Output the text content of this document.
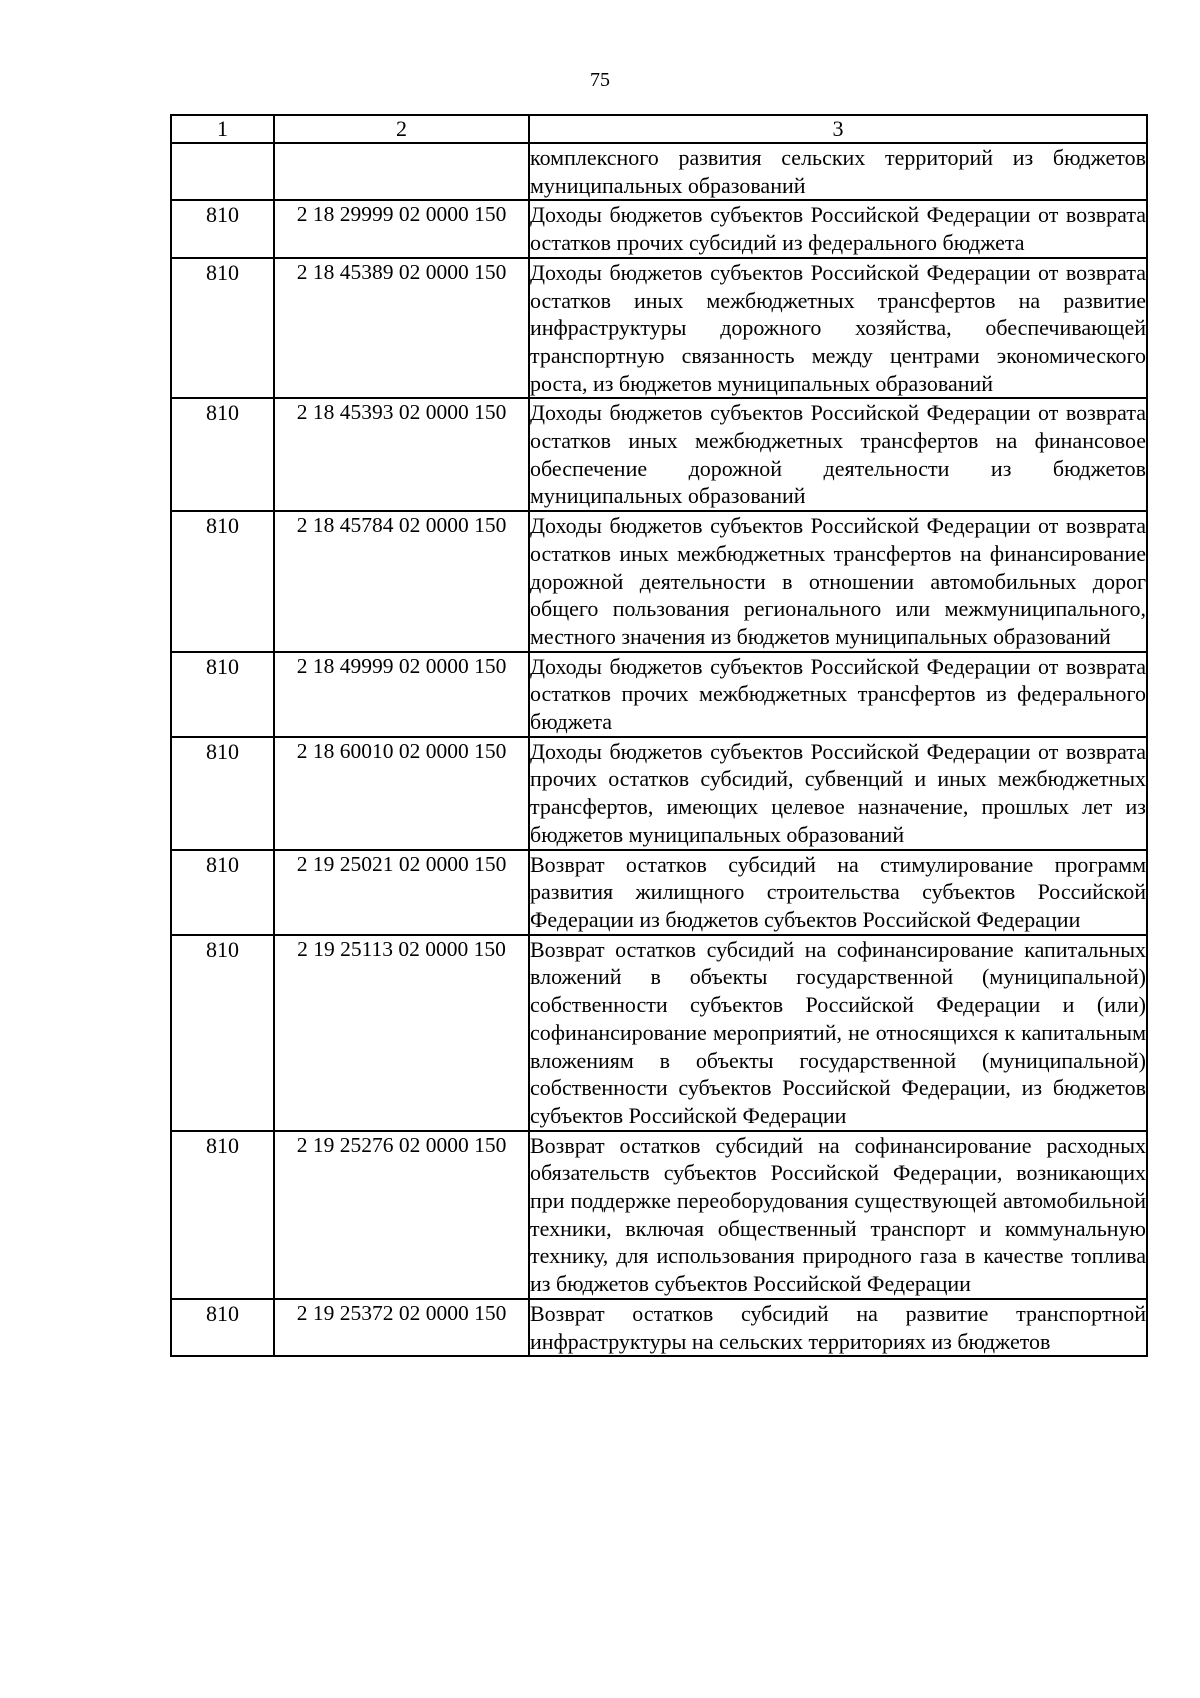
75
1	2	3
		комплексного развития сельских территорий из бюджетов муниципальных образований
810	2 18 29999 02 0000 150	Доходы бюджетов субъектов Российской Федерации от возврата остатков прочих субсидий из федерального бюджета
810	2 18 45389 02 0000 150	Доходы бюджетов субъектов Российской Федерации от возврата остатков иных межбюджетных трансфертов на развитие инфраструктуры дорожного хозяйства, обеспечивающей транспортную связанность между центрами экономического роста, из бюджетов муниципальных образований
810	2 18 45393 02 0000 150	Доходы бюджетов субъектов Российской Федерации от возврата остатков иных межбюджетных трансфертов на финансовое обеспечение дорожной деятельности из бюджетов муниципальных образований
810	2 18 45784 02 0000 150	Доходы бюджетов субъектов Российской Федерации от возврата остатков иных межбюджетных трансфертов на финансирование дорожной деятельности в отношении автомобильных дорог общего пользования регионального или межмуниципального, местного значения из бюджетов муниципальных образований
810	2 18 49999 02 0000 150	Доходы бюджетов субъектов Российской Федерации от возврата остатков прочих межбюджетных трансфертов из федерального бюджета
810	2 18 60010 02 0000 150	Доходы бюджетов субъектов Российской Федерации от возврата прочих остатков субсидий, субвенций и иных межбюджетных трансфертов, имеющих целевое назначение, прошлых лет из бюджетов муниципальных образований
810	2 19 25021 02 0000 150	Возврат остатков субсидий на стимулирование программ развития жилищного строительства субъектов Российской Федерации из бюджетов субъектов Российской Федерации
810	2 19 25113 02 0000 150	Возврат остатков субсидий на софинансирование капитальных вложений в объекты государственной (муниципальной) собственности субъектов Российской Федерации и (или) софинансирование мероприятий, не относящихся к капитальным вложениям в объекты государственной (муниципальной) собственности субъектов Российской Федерации, из бюджетов субъектов Российской Федерации
810	2 19 25276 02 0000 150	Возврат остатков субсидий на софинансирование расходных обязательств субъектов Российской Федерации, возникающих при поддержке переоборудования существующей автомобильной техники, включая общественный транспорт и коммунальную технику, для использования природного газа в качестве топлива из бюджетов субъектов Российской Федерации
810	2 19 25372 02 0000 150	Возврат остатков субсидий на развитие транспортной инфраструктуры на сельских территориях из бюджетов
